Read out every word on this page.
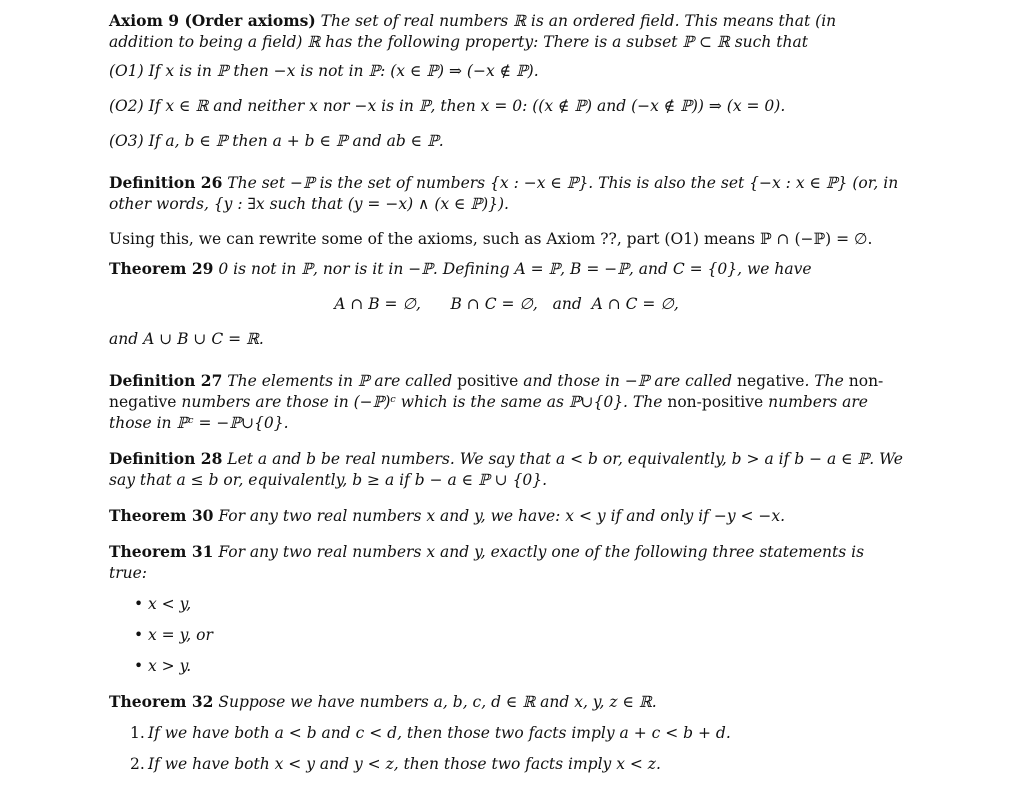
Axiom 9 (Order axioms) The set of real numbers ℝ is an ordered field. This means that (in addition to being a field) ℝ has the following property: There is a subset ℙ ⊂ ℝ such that

(O1) If x is in ℙ then −x is not in ℙ: (x ∈ ℙ) ⇒ (−x ∉ ℙ).

(O2) If x ∈ ℝ and neither x nor −x is in ℙ, then x = 0: ((x ∉ ℙ) and (−x ∉ ℙ)) ⇒ (x = 0).

(O3) If a, b ∈ ℙ then a + b ∈ ℙ and ab ∈ ℙ.

Definition 26 The set −ℙ is the set of numbers {x : −x ∈ ℙ}. This is also the set {−x : x ∈ ℙ} (or, in other words, {y : ∃x such that (y = −x) ∧ (x ∈ ℙ)}).

Using this, we can rewrite some of the axioms, such as Axiom ??, part (O1) means ℙ ∩ (−ℙ) = ∅.

Theorem 29 0 is not in ℙ, nor is it in −ℙ. Defining A = ℙ, B = −ℙ, and C = {0}, we have

A ∩ B = ∅,      B ∩ C = ∅,   and  A ∩ C = ∅,

and A ∪ B ∪ C = ℝ.

Definition 27 The elements in ℙ are called positive and those in −ℙ are called negative. The non-negative numbers are those in (−ℙ)ᶜ which is the same as ℙ∪{0}. The non-positive numbers are those in ℙᶜ = −ℙ∪{0}.

Definition 28 Let a and b be real numbers. We say that a < b or, equivalently, b > a if b − a ∈ ℙ. We say that a ≤ b or, equivalently, b ≥ a if b − a ∈ ℙ ∪ {0}.

Theorem 30 For any two real numbers x and y, we have: x < y if and only if −y < −x.

Theorem 31 For any two real numbers x and y, exactly one of the following three statements is true:

• x < y,
• x = y, or
• x > y.

Theorem 32 Suppose we have numbers a, b, c, d ∈ ℝ and x, y, z ∈ ℝ.

1. If we have both a < b and c < d, then those two facts imply a + c < b + d.
2. If we have both x < y and y < z, then those two facts imply x < z.
